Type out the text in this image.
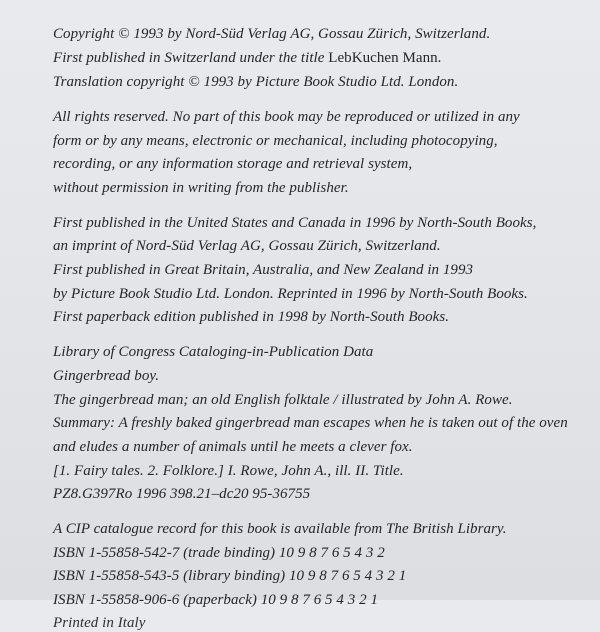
Copyright © 1993 by Nord-Süd Verlag AG, Gossau Zürich, Switzerland.
First published in Switzerland under the title LebKuchen Mann.
Translation copyright © 1993 by Picture Book Studio Ltd. London.
All rights reserved. No part of this book may be reproduced or utilized in any
form or by any means, electronic or mechanical, including photocopying,
recording, or any information storage and retrieval system,
without permission in writing from the publisher.
First published in the United States and Canada in 1996 by North-South Books,
an imprint of Nord-Süd Verlag AG, Gossau Zürich, Switzerland.
First published in Great Britain, Australia, and New Zealand in 1993
by Picture Book Studio Ltd. London. Reprinted in 1996 by North-South Books.
First paperback edition published in 1998 by North-South Books.
Library of Congress Cataloging-in-Publication Data
Gingerbread boy.
The gingerbread man; an old English folktale / illustrated by John A. Rowe.
Summary: A freshly baked gingerbread man escapes when he is taken out of the oven
and eludes a number of animals until he meets a clever fox.
[1. Fairy tales. 2. Folklore.] I. Rowe, John A., ill. II. Title.
PZ8.G397Ro 1996 398.21–dc20 95-36755
A CIP catalogue record for this book is available from The British Library.
ISBN 1-55858-542-7 (trade binding) 10 9 8 7 6 5 4 3 2
ISBN 1-55858-543-5 (library binding) 10 9 8 7 6 5 4 3 2 1
ISBN 1-55858-906-6 (paperback) 10 9 8 7 6 5 4 3 2 1
Printed in Italy
